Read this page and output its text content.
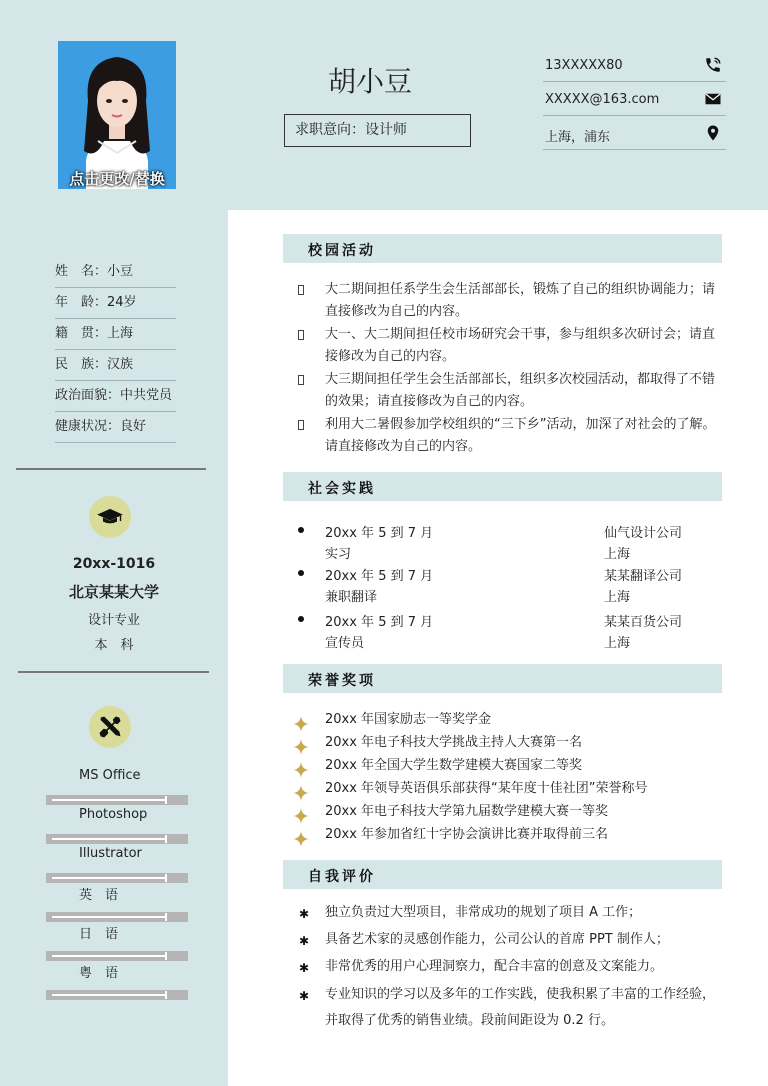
点击更改/替换
胡小豆
求职意向：设计师
13XXXXX80
XXXXX@163.com
上海，浦东
姓　名：小豆
年　龄：24岁
籍　贯：上海
民　族：汉族
政治面貌：中共党员
健康状况：良好
20xx-1016
北京某某大学
设计专业
本　科
MS Office
Photoshop
Illustrator
英　语
日　语
粤　语
校园活动
大二期间担任系学生会生活部部长，锻炼了自己的组织协调能力；请直接修改为自己的内容。
大一、大二期间担任校市场研究会干事，参与组织多次研讨会；请直接修改为自己的内容。
大三期间担任学生会生活部部长，组织多次校园活动，都取得了不错的效果；请直接修改为自己的内容。
利用大二暑假参加学校组织的“三下乡”活动，加深了对社会的了解。请直接修改为自己的内容。
社会实践
20xx 年 5 到 7 月
实习
仙气设计公司
上海
20xx 年 5 到 7 月
兼职翻译
某某翻译公司
上海
20xx 年 5 到 7 月
宣传员
某某百货公司
上海
荣誉奖项
20xx 年国家励志一等奖学金
20xx 年电子科技大学挑战主持人大赛第一名
20xx 年全国大学生数学建模大赛国家二等奖
20xx 年领导英语俱乐部获得“某年度十佳社团”荣誉称号
20xx 年电子科技大学第九届数学建模大赛一等奖
20xx 年参加省红十字协会演讲比赛并取得前三名
自我评价
✱ 独立负责过大型项目，非常成功的规划了项目 A 工作；
✱ 具备艺术家的灵感创作能力，公司公认的首席 PPT 制作人；
✱ 非常优秀的用户心理洞察力，配合丰富的创意及文案能力。
✱ 专业知识的学习以及多年的工作实践，使我积累了丰富的工作经验，并取得了优秀的销售业绩。段前间距设为 0.2 行。
